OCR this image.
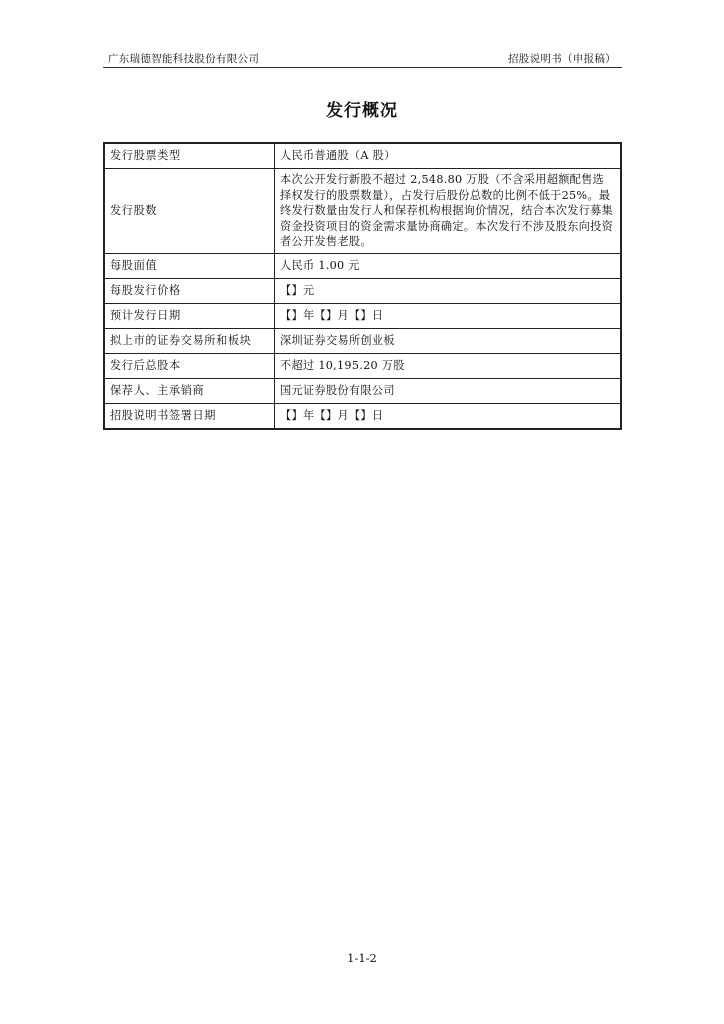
广东瑞德智能科技股份有限公司	招股说明书（申报稿）
发行概况
发行股票类型	人民币普通股（A 股）
发行股数	本次公开发行新股不超过 2,548.80 万股（不含采用超额配售选择权发行的股票数量），占发行后股份总数的比例不低于25%。最终发行数量由发行人和保荐机构根据询价情况，结合本次发行募集资金投资项目的资金需求量协商确定。本次发行不涉及股东向投资者公开发售老股。
每股面值	人民币 1.00 元
每股发行价格	【】元
预计发行日期	【】年【】月【】日
拟上市的证券交易所和板块	深圳证券交易所创业板
发行后总股本	不超过 10,195.20 万股
保荐人、主承销商	国元证券股份有限公司
招股说明书签署日期	【】年【】月【】日
1-1-2
